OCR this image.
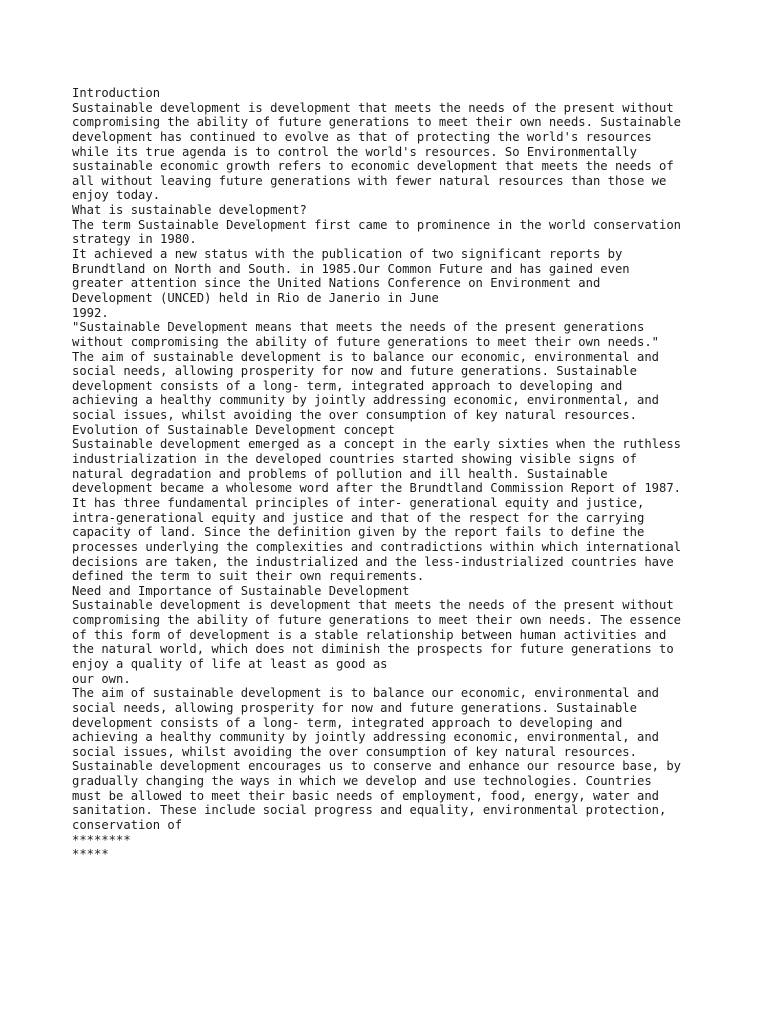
Introduction

Sustainable development is development that meets the needs of the present without

compromising the ability of future generations to meet their own needs. Sustainable

development has continued to evolve as that of protecting the world's resources

while its true agenda is to control the world's resources. So Environmentally

sustainable economic growth refers to economic development that meets the needs of

all without leaving future generations with fewer natural resources than those we

enjoy today.

What is sustainable development?

The term Sustainable Development first came to prominence in the world conservation

strategy in 1980.

It achieved a new status with the publication of two significant reports by

Brundtland on North and South. in 1985.Our Common Future and has gained even

greater attention since the United Nations Conference on Environment and

Development (UNCED) held in Rio de Janerio in June

1992.

"Sustainable Development means that meets the needs of the present generations

without compromising the ability of future generations to meet their own needs."

The aim of sustainable development is to balance our economic, environmental and

social needs, allowing prosperity for now and future generations. Sustainable

development consists of a long- term, integrated approach to developing and

achieving a healthy community by jointly addressing economic, environmental, and

social issues, whilst avoiding the over consumption of key natural resources.

Evolution of Sustainable Development concept

Sustainable development emerged as a concept in the early sixties when the ruthless

industrialization in the developed countries started showing visible signs of

natural degradation and problems of pollution and ill health. Sustainable

development became a wholesome word after the Brundtland Commission Report of 1987.

It has three fundamental principles of inter- generational equity and justice,

intra-generational equity and justice and that of the respect for the carrying

capacity of land. Since the definition given by the report fails to define the

processes underlying the complexities and contradictions within which international

decisions are taken, the industrialized and the less-industrialized countries have

defined the term to suit their own requirements.

Need and Importance of Sustainable Development

Sustainable development is development that meets the needs of the present without

compromising the ability of future generations to meet their own needs. The essence

of this form of development is a stable relationship between human activities and

the natural world, which does not diminish the prospects for future generations to

enjoy a quality of life at least as good as

our own.

The aim of sustainable development is to balance our economic, environmental and

social needs, allowing prosperity for now and future generations. Sustainable

development consists of a long- term, integrated approach to developing and

achieving a healthy community by jointly addressing economic, environmental, and

social issues, whilst avoiding the over consumption of key natural resources.

Sustainable development encourages us to conserve and enhance our resource base, by

gradually changing the ways in which we develop and use technologies. Countries

must be allowed to meet their basic needs of employment, food, energy, water and

sanitation. These include social progress and equality, environmental protection,

conservation of

********

*****
